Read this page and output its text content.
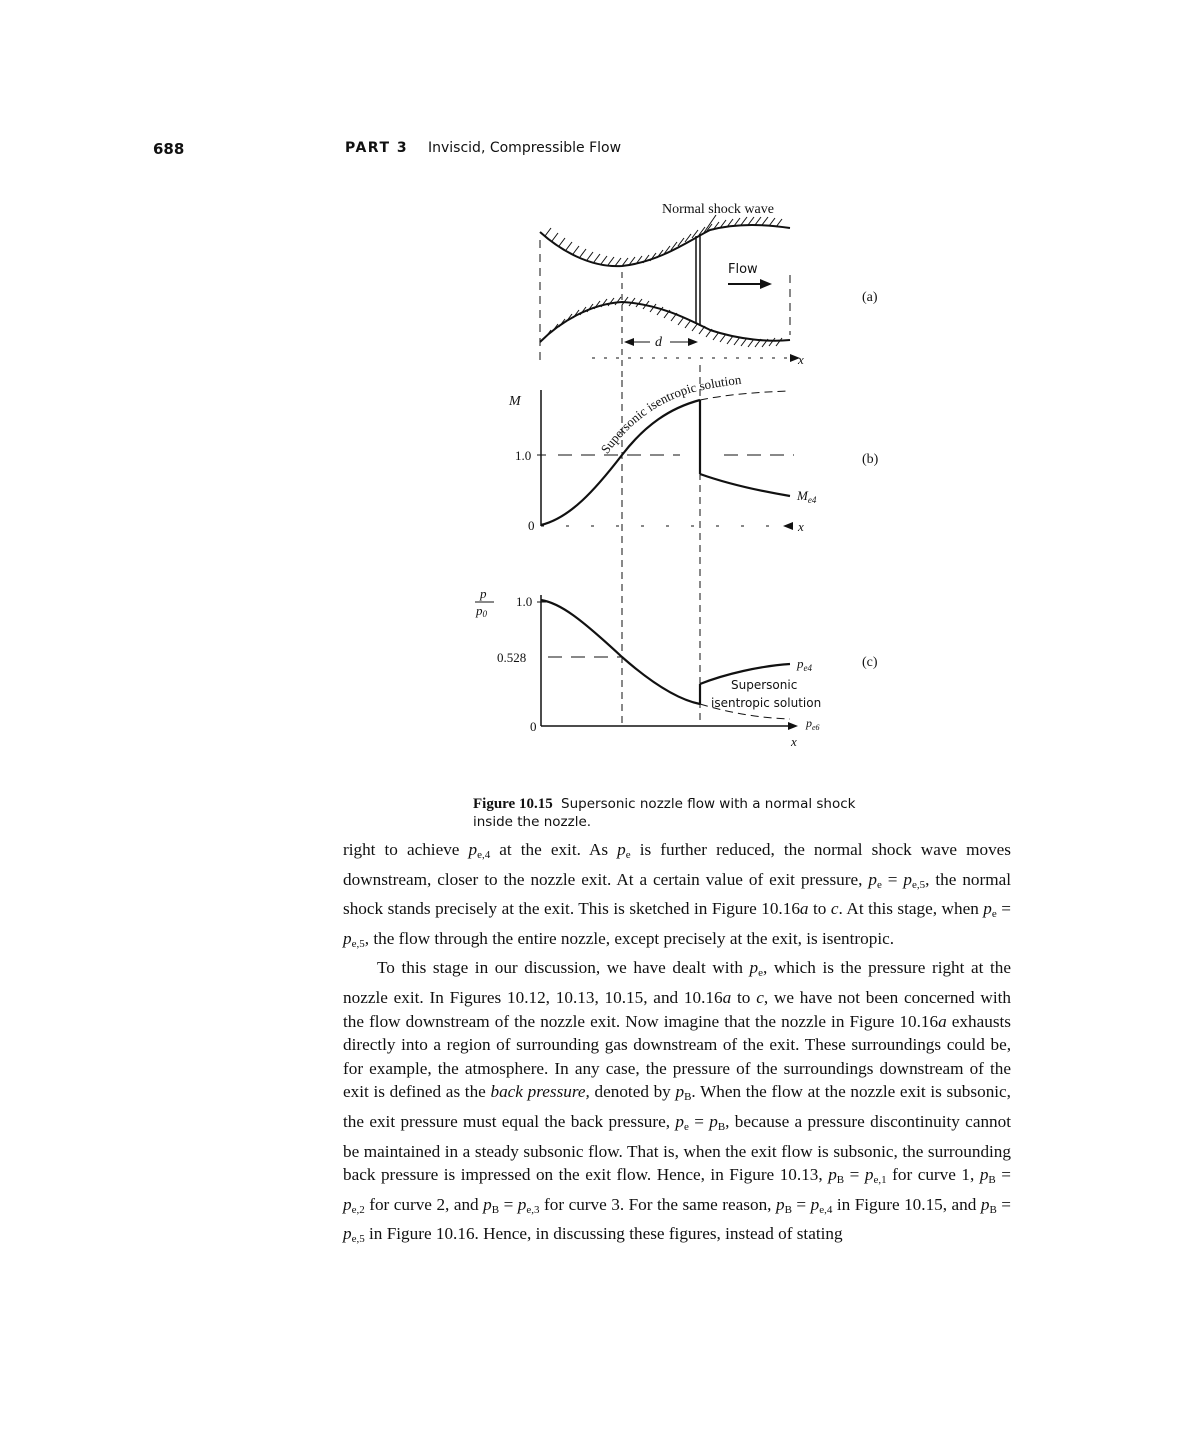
688	PART 3 Inviscid, Compressible Flow
Normal shock wave
Flow
d
x
(a)
x
M
1.0
0
$M_{e4}$
Supersonic isentropic solution
(b)
x
p
p0
1.0
0.528
0
$p_{e4}$
$p_{e6}$
Supersonic
isentropic solution
(c)
Figure 10.15 Supersonic nozzle flow with a normal shock inside the nozzle.

right to achieve $p_{e,4}$ at the exit. As $p_e$ is further reduced, the normal shock wave moves downstream, closer to the nozzle exit. At a certain value of exit pressure, $p_e = p_{e,5}$, the normal shock stands precisely at the exit. This is sketched in Figure 10.16a to c. At this stage, when $p_e = p_{e,5}$, the flow through the entire nozzle, except precisely at the exit, is isentropic.

To this stage in our discussion, we have dealt with $p_e$, which is the pressure right at the nozzle exit. In Figures 10.12, 10.13, 10.15, and 10.16a to c, we have not been concerned with the flow downstream of the nozzle exit. Now imagine that the nozzle in Figure 10.16a exhausts directly into a region of surrounding gas downstream of the exit. These surroundings could be, for example, the atmosphere. In any case, the pressure of the surroundings downstream of the exit is defined as the back pressure, denoted by $p_B$. When the flow at the nozzle exit is subsonic, the exit pressure must equal the back pressure, $p_e = p_B$, because a pressure discontinuity cannot be maintained in a steady subsonic flow. That is, when the exit flow is subsonic, the surrounding back pressure is impressed on the exit flow. Hence, in Figure 10.13, $p_B = p_{e,1}$ for curve 1, $p_B = p_{e,2}$ for curve 2, and $p_B = p_{e,3}$ for curve 3. For the same reason, $p_B = p_{e,4}$ in Figure 10.15, and $p_B = p_{e,5}$ in Figure 10.16. Hence, in discussing these figures, instead of stating
